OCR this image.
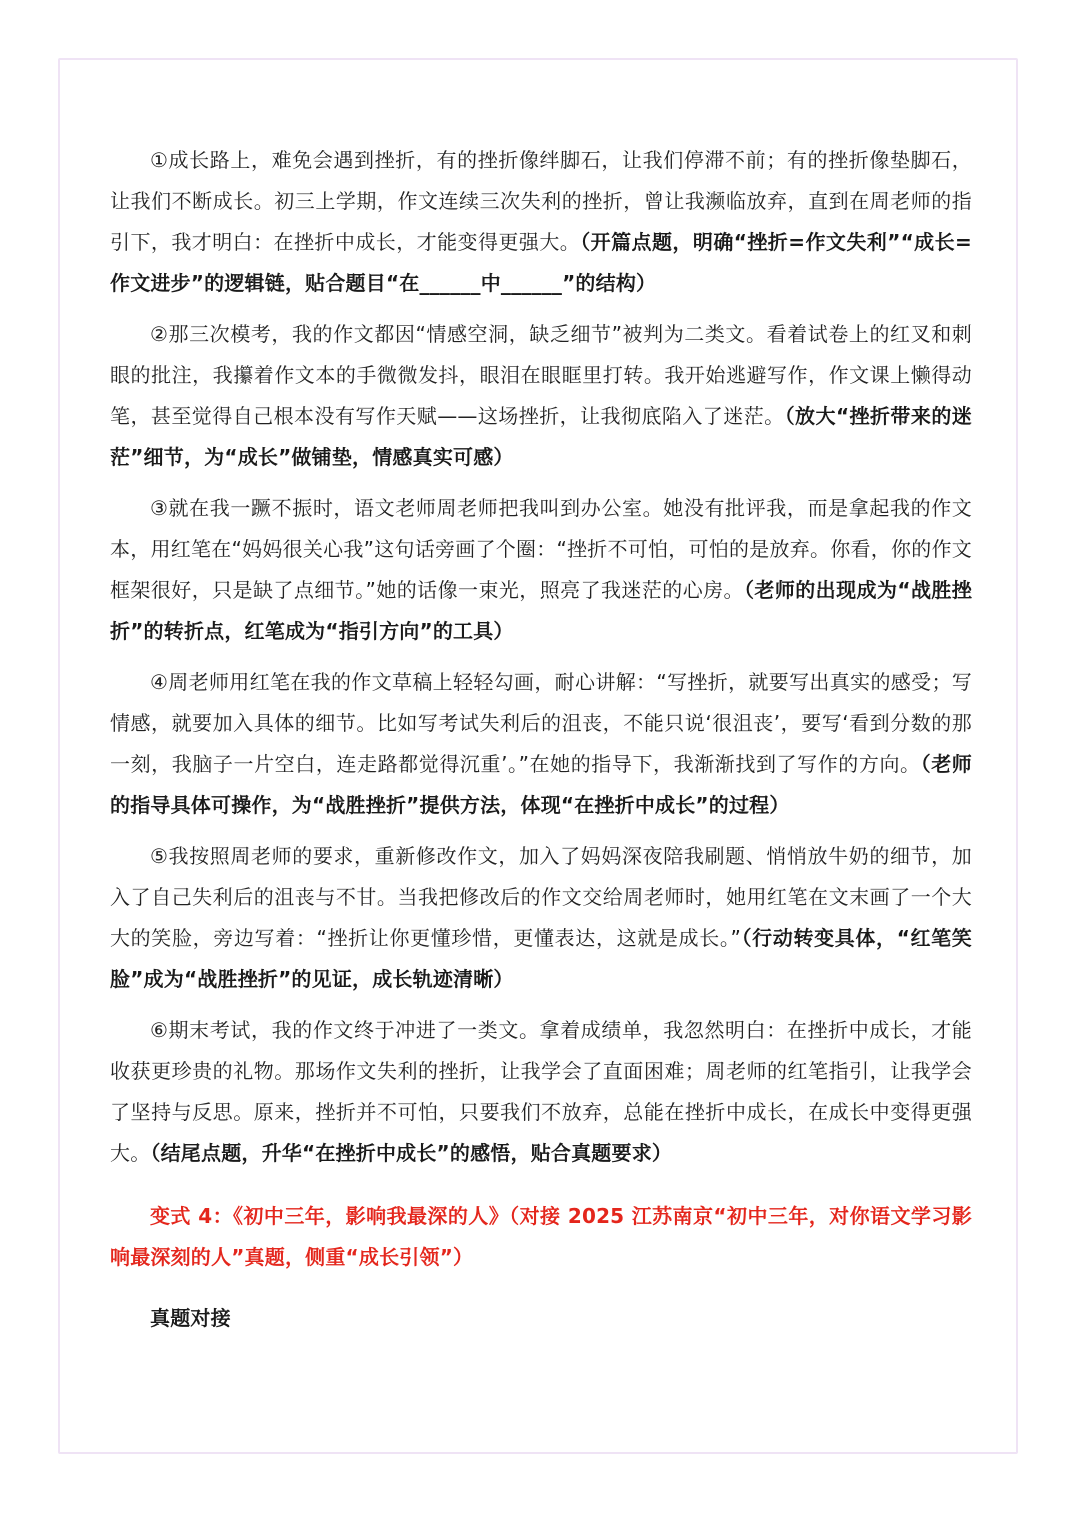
①成长路上，难免会遇到挫折，有的挫折像绊脚石，让我们停滞不前；有的挫折像垫脚石，让我们不断成长。初三上学期，作文连续三次失利的挫折，曾让我濒临放弃，直到在周老师的指引下，我才明白：在挫折中成长，才能变得更强大。（开篇点题，明确“挫折=作文失利”“成长=作文进步”的逻辑链，贴合题目“在______中______”的结构）

②那三次模考，我的作文都因“情感空洞，缺乏细节”被判为二类文。看着试卷上的红叉和刺眼的批注，我攥着作文本的手微微发抖，眼泪在眼眶里打转。我开始逃避写作，作文课上懒得动笔，甚至觉得自己根本没有写作天赋——这场挫折，让我彻底陷入了迷茫。（放大“挫折带来的迷茫”细节，为“成长”做铺垫，情感真实可感）

③就在我一蹶不振时，语文老师周老师把我叫到办公室。她没有批评我，而是拿起我的作文本，用红笔在“妈妈很关心我”这句话旁画了个圈：“挫折不可怕，可怕的是放弃。你看，你的作文框架很好，只是缺了点细节。”她的话像一束光，照亮了我迷茫的心房。（老师的出现成为“战胜挫折”的转折点，红笔成为“指引方向”的工具）

④周老师用红笔在我的作文草稿上轻轻勾画，耐心讲解：“写挫折，就要写出真实的感受；写情感，就要加入具体的细节。比如写考试失利后的沮丧，不能只说‘很沮丧’，要写‘看到分数的那一刻，我脑子一片空白，连走路都觉得沉重’。”在她的指导下，我渐渐找到了写作的方向。（老师的指导具体可操作，为“战胜挫折”提供方法，体现“在挫折中成长”的过程）

⑤我按照周老师的要求，重新修改作文，加入了妈妈深夜陪我刷题、悄悄放牛奶的细节，加入了自己失利后的沮丧与不甘。当我把修改后的作文交给周老师时，她用红笔在文末画了一个大大的笑脸，旁边写着：“挫折让你更懂珍惜，更懂表达，这就是成长。”（行动转变具体，“红笔笑脸”成为“战胜挫折”的见证，成长轨迹清晰）

⑥期末考试，我的作文终于冲进了一类文。拿着成绩单，我忽然明白：在挫折中成长，才能收获更珍贵的礼物。那场作文失利的挫折，让我学会了直面困难；周老师的红笔指引，让我学会了坚持与反思。原来，挫折并不可怕，只要我们不放弃，总能在挫折中成长，在成长中变得更强大。（结尾点题，升华“在挫折中成长”的感悟，贴合真题要求）

变式 4：《初中三年，影响我最深的人》（对接 2025 江苏南京“初中三年，对你语文学习影响最深刻的人”真题，侧重“成长引领”）

真题对接
